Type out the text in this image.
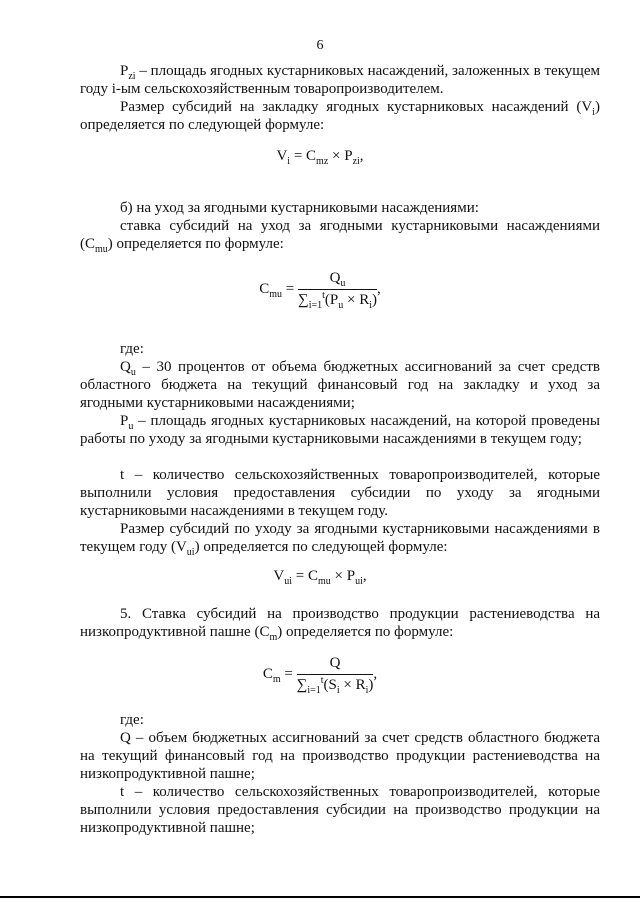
6

$P_{zi}$ – площадь ягодных кустарниковых насаждений, заложенных в текущем году i-ым сельскохозяйственным товаропроизводителем.

Размер субсидий на закладку ягодных кустарниковых насаждений $(V_i)$ определяется по следующей формуле:

$V_i = C_{mz} \times P_{zi}$,

б) на уход за ягодными кустарниковыми насаждениями:

ставка субсидий на уход за ягодными кустарниковыми насаждениями $(C_{mu})$ определяется по формуле:

$C_{mu} = \frac{Q_u}{\sum_{i=1}^t(P_u \times R_i)}$ ,

где:

$Q_u - 30$ процентов от объема бюджетных ассигнований за счет средств областного бюджета на текущий финансовый год на закладку и уход за ягодными кустарниковыми насаждениями;

$P_u$ – площадь ягодных кустарниковых насаждений, на которой проведены работы по уходу за ягодными кустарниковыми насаждениями в текущем году;

t – количество сельскохозяйственных товаропроизводителей, которые выполнили условия предоставления субсидии по уходу за ягодными кустарниковыми насаждениями в текущем году.

Размер субсидий по уходу за ягодными кустарниковыми насаждениями в текущем году $(V_{ui})$ определяется по следующей формуле:

$V_{ui} = C_{mu} \times P_{ui}$,

5. Ставка субсидий на производство продукции растениеводства на низкопродуктивной пашне $(C_m)$ определяется по формуле:

$C_m = \frac{Q}{\sum_{i=1}^t(S_i \times R_i)}$ ,

где:

Q – объем бюджетных ассигнований за счет средств областного бюджета на текущий финансовый год на производство продукции растениеводства на низкопродуктивной пашне;

t – количество сельскохозяйственных товаропроизводителей, которые выполнили условия предоставления субсидии на производство продукции на низкопродуктивной пашне;
